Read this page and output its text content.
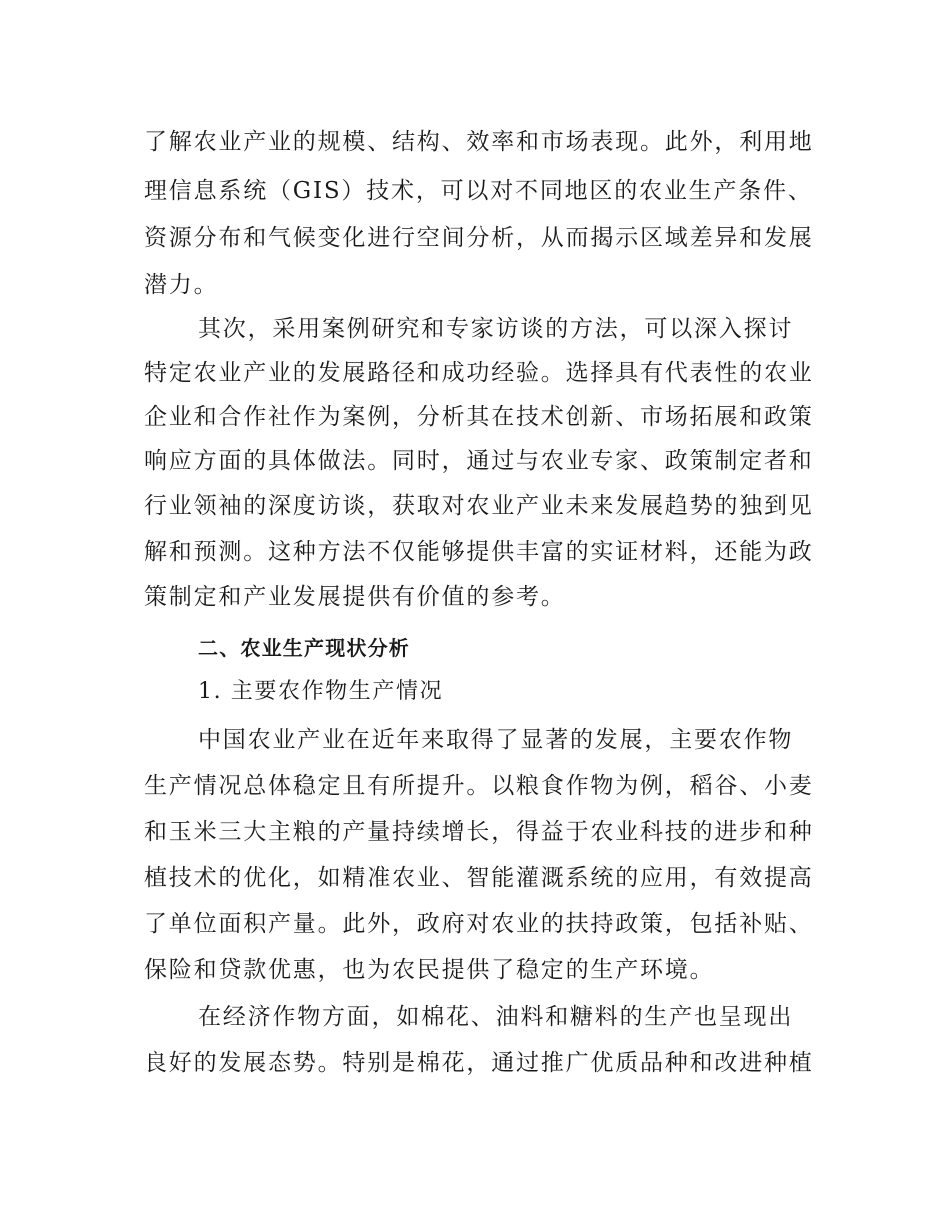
了解农业产业的规模、结构、效率和市场表现。此外，利用地
理信息系统（GIS）技术，可以对不同地区的农业生产条件、
资源分布和气候变化进行空间分析，从而揭示区域差异和发展
潜力。
其次，采用案例研究和专家访谈的方法，可以深入探讨
特定农业产业的发展路径和成功经验。选择具有代表性的农业
企业和合作社作为案例，分析其在技术创新、市场拓展和政策
响应方面的具体做法。同时，通过与农业专家、政策制定者和
行业领袖的深度访谈，获取对农业产业未来发展趋势的独到见
解和预测。这种方法不仅能够提供丰富的实证材料，还能为政
策制定和产业发展提供有价值的参考。
二、农业生产现状分析
1. 主要农作物生产情况
中国农业产业在近年来取得了显著的发展，主要农作物
生产情况总体稳定且有所提升。以粮食作物为例，稻谷、小麦
和玉米三大主粮的产量持续增长，得益于农业科技的进步和种
植技术的优化，如精准农业、智能灌溉系统的应用，有效提高
了单位面积产量。此外，政府对农业的扶持政策，包括补贴、
保险和贷款优惠，也为农民提供了稳定的生产环境。
在经济作物方面，如棉花、油料和糖料的生产也呈现出
良好的发展态势。特别是棉花，通过推广优质品种和改进种植
